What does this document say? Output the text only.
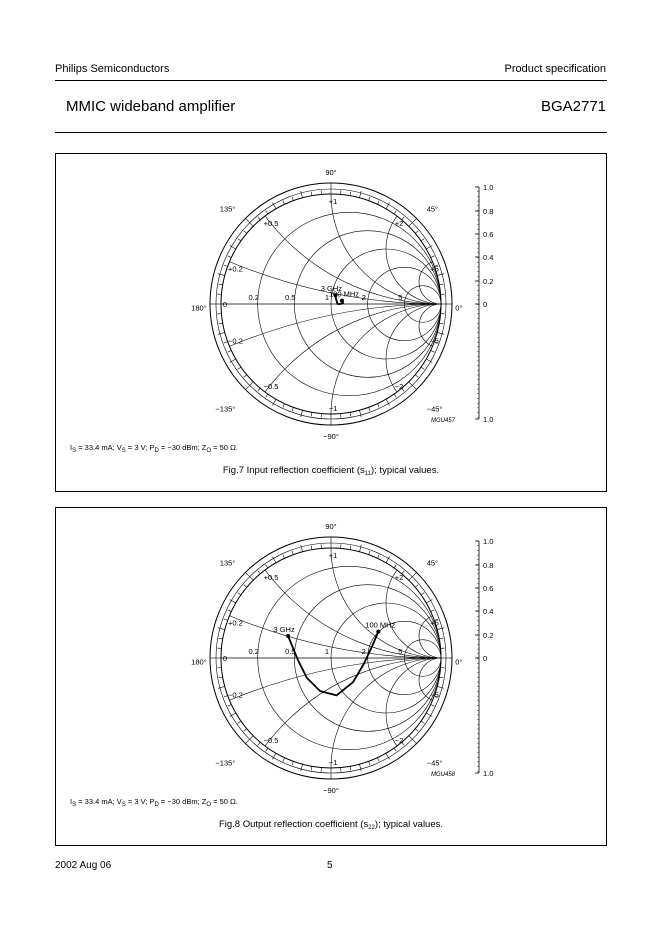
Philips Semiconductors	Product specification
MMIC wideband amplifier	BGA2771
0.2	0.5	1	2	5
0
+0.2
+0.5
+1
+2
+5
−0.2
−0.5
−1
−2
−5
90°
45°
0°
−45°
−90°
−135°
180°
135°
1.0
0.8
0.6
0.4
0.2
0
1.0
100 MHz
3 GHz
MGU457
$I_S = 33.4$ mA; $V_S = 3$ V; $P_D = -30$ dBm; $Z_O = 50$ Ω.
Fig.7 Input reflection coefficient $(s_{11})$; typical values.
0.2	0.5	1	2	5
0
+0.2
+0.5
+1
+2
+5
−0.2
−0.5
−1
−2
−5
90°
45°
0°
−45°
−90°
−135°
180°
135°
1.0
0.8
0.6
0.4
0.2
0
1.0
100 MHz
3 GHz
MGU458
$I_S = 33.4$ mA; $V_S = 3$ V; $P_D = -30$ dBm; $Z_O = 50$ Ω.
Fig.8 Output reflection coefficient $(s_{22})$; typical values.
2002 Aug 06	5
